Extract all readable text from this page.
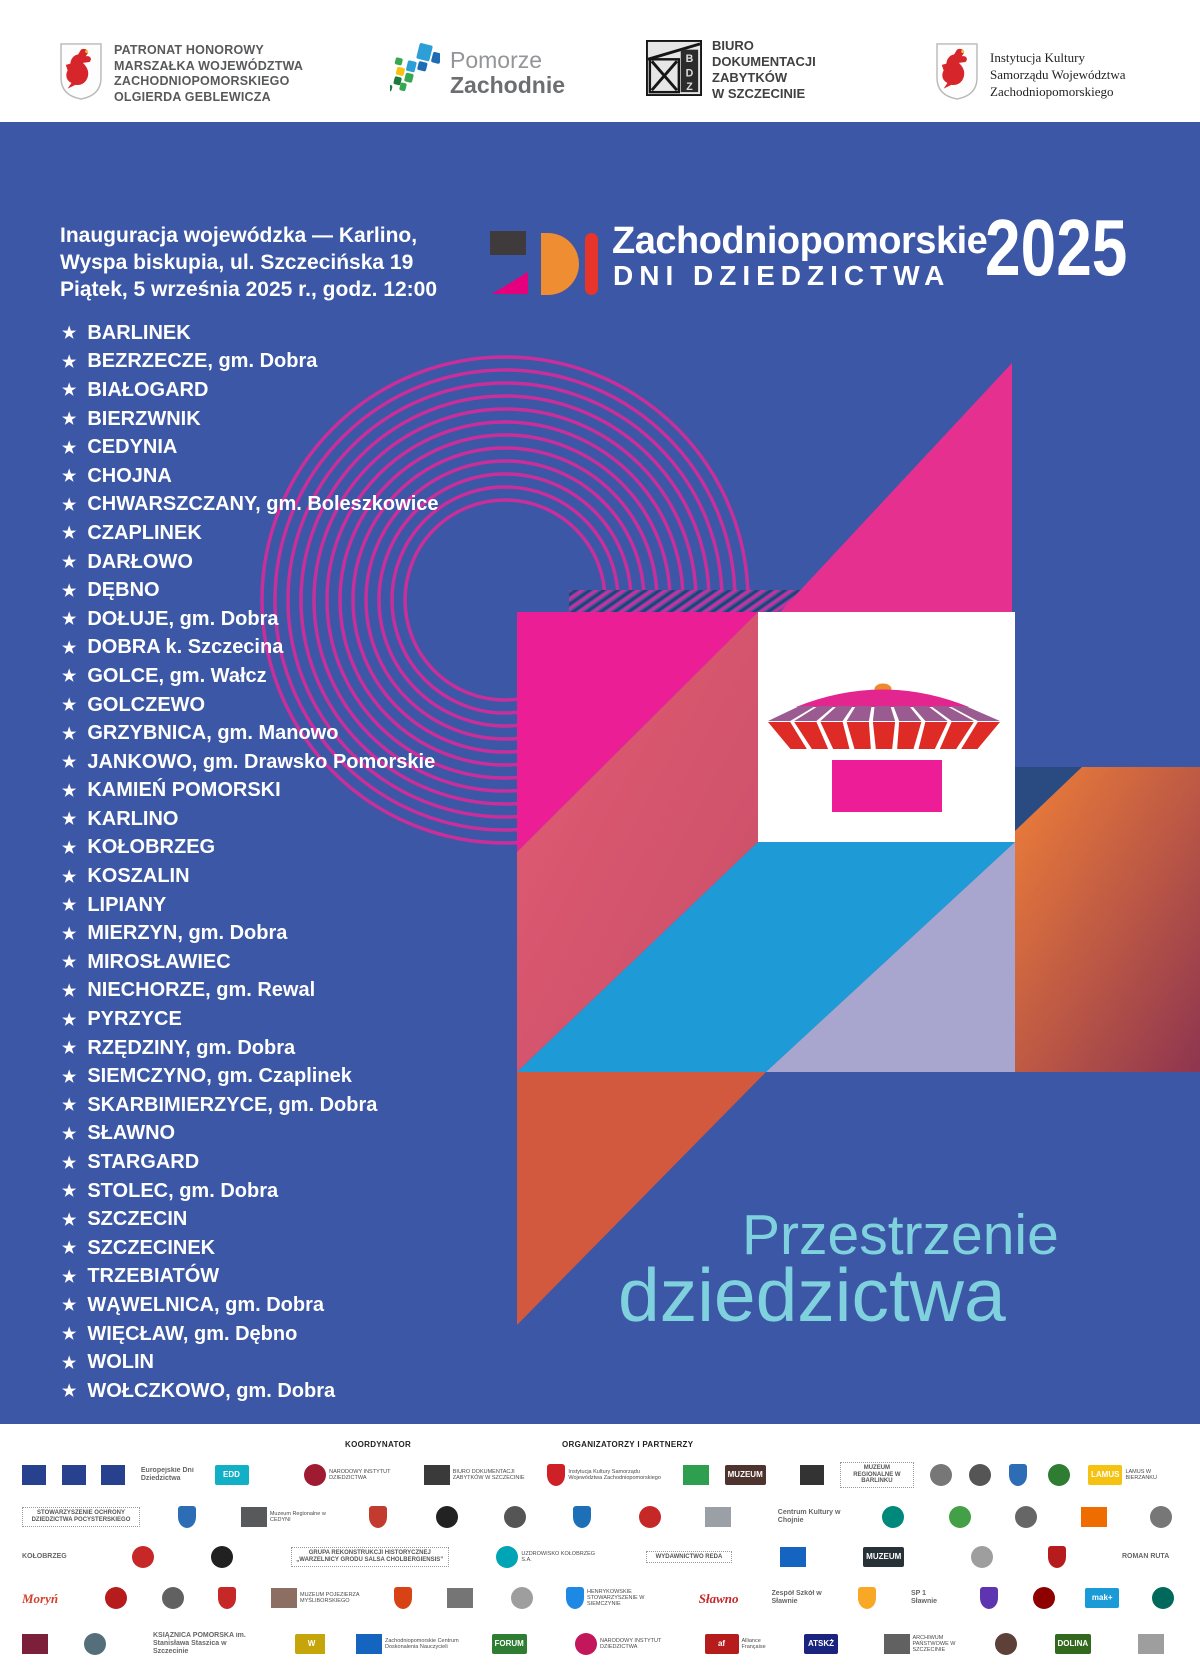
PATRONAT HONOROWY
MARSZAŁKA WOJEWÓDZTWA
ZACHODNIOPOMORSKIEGO
OLGIERDA GEBLEWICZA
Pomorze
Zachodnie
B
D
Z
BIURO
DOKUMENTACJI
ZABYTKÓW
W SZCZECINIE
Instytucja Kultury
Samorządu Województwa
Zachodniopomorskiego
Inauguracja wojewódzka — Karlino,
Wyspa biskupia, ul. Szczecińska 19
Piątek, 5 września 2025 r., godz. 12:00
Zachodniopomorskie
DNI DZIEDZICTWA 2025
★ BARLINEK
★ BEZRZECZE, gm. Dobra
★ BIAŁOGARD
★ BIERZWNIK
★ CEDYNIA
★ CHOJNA
★ CHWARSZCZANY, gm. Boleszkowice
★ CZAPLINEK
★ DARŁOWO
★ DĘBNO
★ DOŁUJE, gm. Dobra
★ DOBRA k. Szczecina
★ GOLCE, gm. Wałcz
★ GOLCZEWO
★ GRZYBNICA, gm. Manowo
★ JANKOWO, gm. Drawsko Pomorskie
★ KAMIEŃ POMORSKI
★ KARLINO
★ KOŁOBRZEG
★ KOSZALIN
★ LIPIANY
★ MIERZYN, gm. Dobra
★ MIROSŁAWIEC
★ NIECHORZE, gm. Rewal
★ PYRZYCE
★ RZĘDZINY, gm. Dobra
★ SIEMCZYNO, gm. Czaplinek
★ SKARBIMIERZYCE, gm. Dobra
★ SŁAWNO
★ STARGARD
★ STOLEC, gm. Dobra
★ SZCZECIN
★ SZCZECINEK
★ TRZEBIATÓW
★ WĄWELNICA, gm. Dobra
★ WIĘCŁAW, gm. Dębno
★ WOLIN
★ WOŁCZKOWO, gm. Dobra
Przestrzenie
dziedzictwa
KOORDYNATOR	ORGANIZATORZY I PARTNERZY
Europejskie Dni Dziedzictwa	EDD	NARODOWY INSTYTUT DZIEDZICTWA
BIURO DOKUMENTACJI ZABYTKÓW W SZCZECINIE
Instytucja Kultury Samorządu Województwa Zachodniopomorskiego	MUZEUM
MUZEUM REGIONALNE W BARLINKU
LAMUS LAMUS W BIERZANKU
STOWARZYSZENIE OCHRONY DZIEDZICTWA POCYSTERSKIEGO
Muzeum Regionalne w CEDYNI
Centrum Kultury w Chojnie
KOŁOBRZEG	GRUPA REKONSTRUKCJI HISTORYCZNEJ „WARZELNICY GRODU SALSA CHOLBERGIENSIS”
UZDROWISKO KOŁOBRZEG S.A.
WYDAWNICTWO REDA	MUZEUM	ROMAN RUTA
Moryń	MUZEUM POJEZIERZA MYŚLIBORSKIEGO
HENRYKOWSKIE STOWARZYSZENIE W SIEMCZYNIE	Sławno	Zespół Szkół w Sławnie
SP 1 Sławnie	mak+
KSIĄŻNICA POMORSKA im. Stanisława Staszica w Szczecinie
W	Zachodniopomorskie Centrum Doskonalenia Nauczycieli	FORUM	NARODOWY INSTYTUT DZIEDZICTWA	af	Alliance Française	ATSKŻ
ARCHIWUM PAŃSTWOWE W SZCZECINIE
DOLINA
